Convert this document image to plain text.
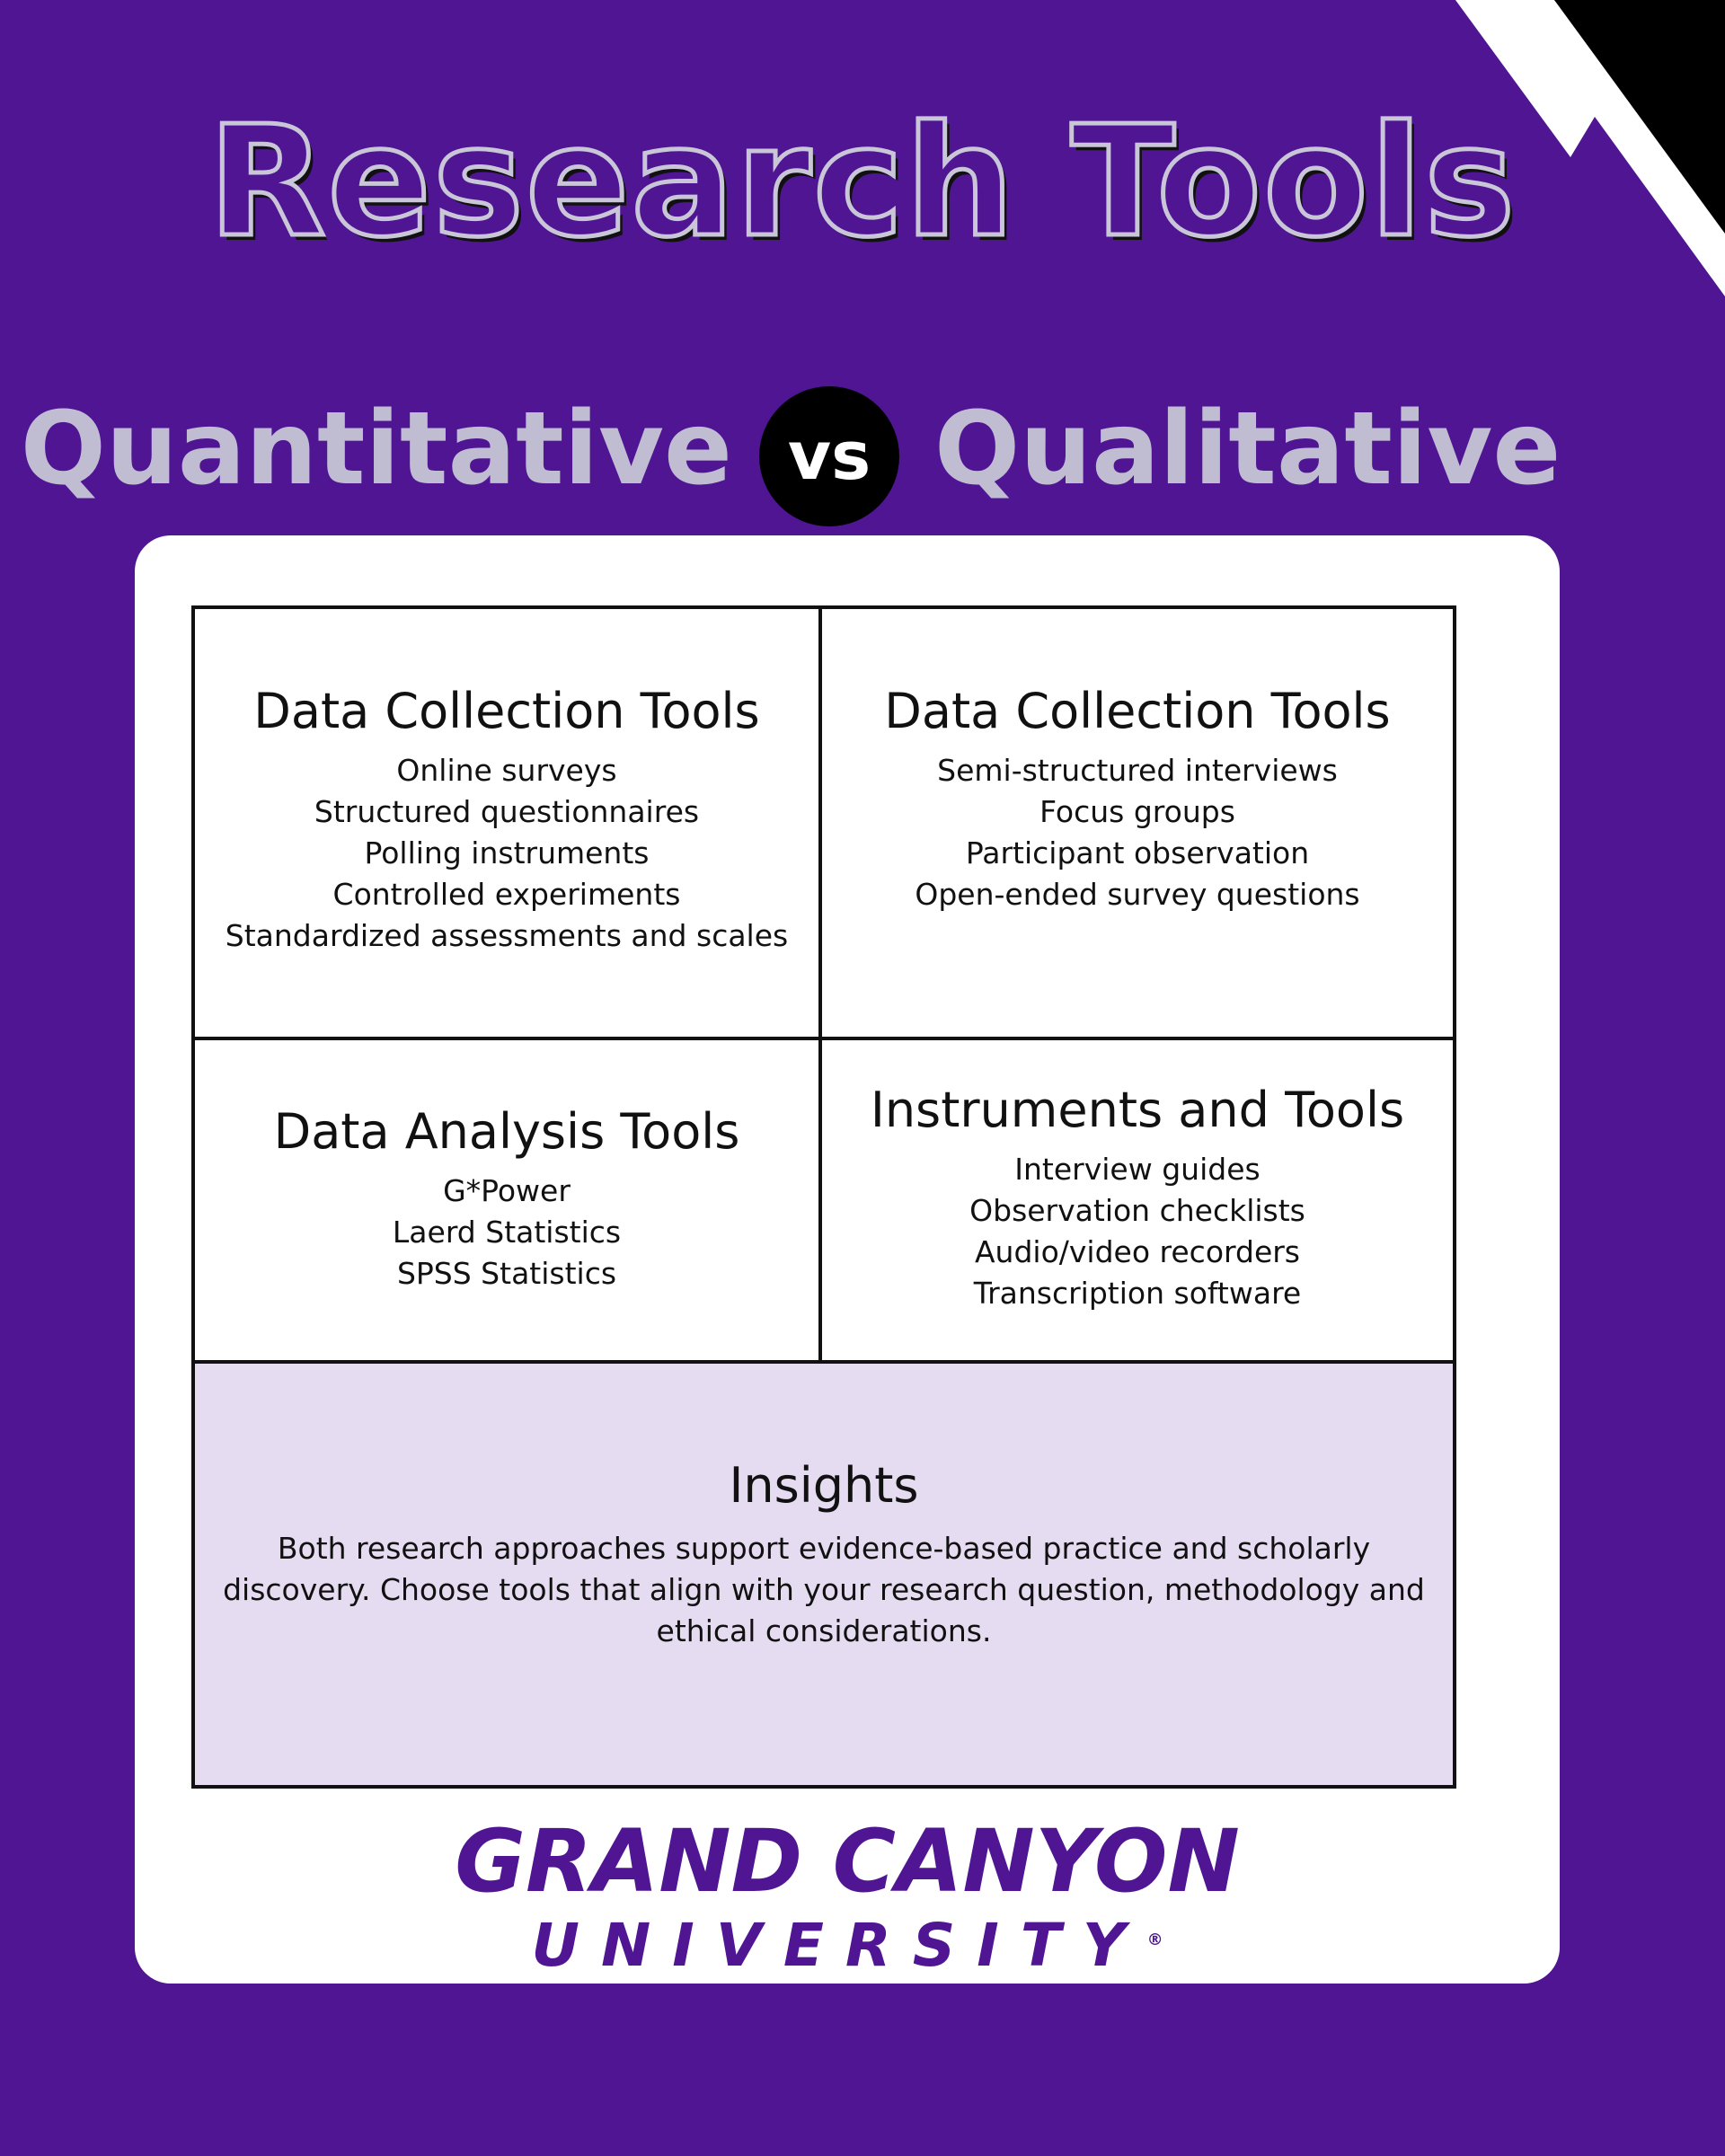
Research Tools
Quantitative vs Qualitative
Data Collection Tools
Online surveys
Structured questionnaires
Polling instruments
Controlled experiments
Standardized assessments and scales
Data Collection Tools
Semi-structured interviews
Focus groups
Participant observation
Open-ended survey questions
Data Analysis Tools
G*Power
Laerd Statistics
SPSS Statistics
Instruments and Tools
Interview guides
Observation checklists
Audio/video recorders
Transcription software
Insights

Both research approaches support evidence-based practice and scholarly discovery. Choose tools that align with your research question, methodology and ethical considerations.

GRAND CANYON
UNIVERSITY®
